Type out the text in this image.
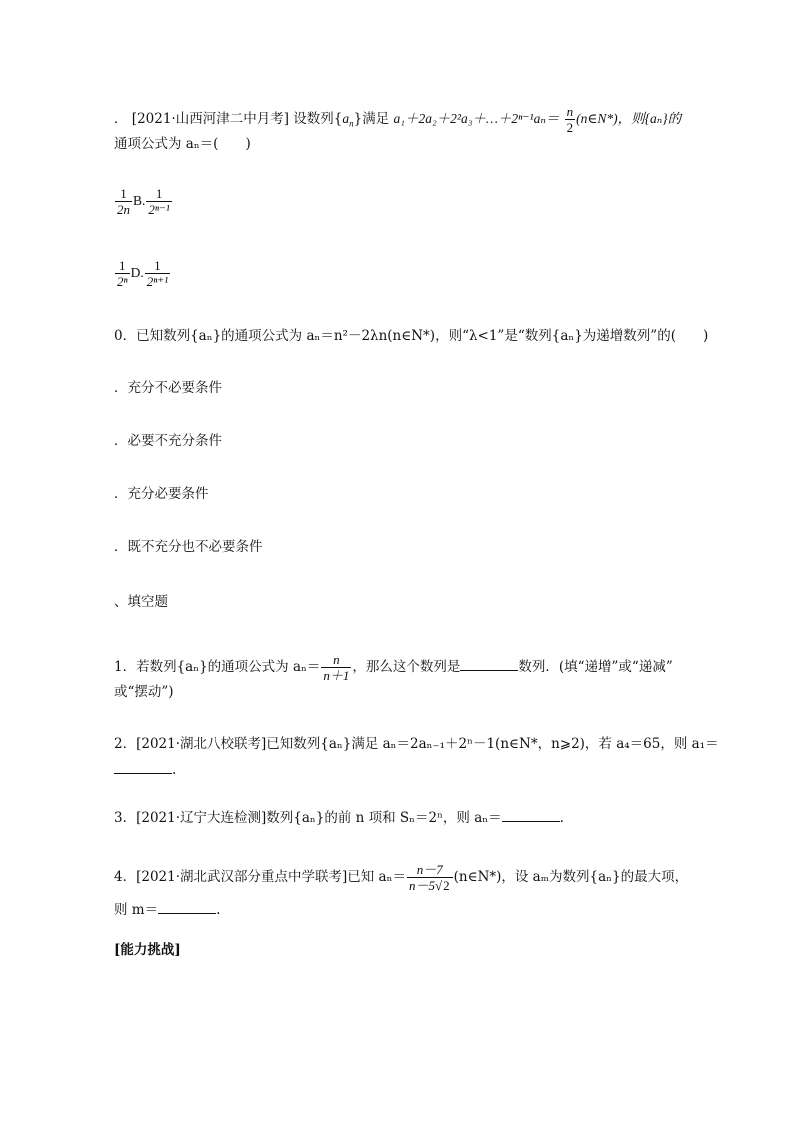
． [2021·山西河津二中月考] 设数列$\{a_n\}$满足 a₁＋2a₂＋2²a₃＋…＋2ⁿ⁻¹aₙ＝ $\frac{n}{2}$ (n∈N*)，则{aₙ}的
通项公式为 aₙ＝(　　)
$\frac{1}{2n} B$. $\frac{1}{\text{2ⁿ⁻¹}}$
$\frac{1}{\text{2ⁿ}} D$. $\frac{1}{\text{2ⁿ⁺¹}}$
0．已知数列{aₙ}的通项公式为 aₙ＝n²－2λn(n∈N*)，则“λ<1”是“数列{aₙ}为递增数列”的(　　)
．充分不必要条件
．必要不充分条件
．充分必要条件
．既不充分也不必要条件
、填空题
1．若数列{aₙ}的通项公式为 $a_n= \frac{n}{n+1}$ ，那么这个数列是	数列．(填“递增”或“递减”
或“摆动”)
2．[2021·湖北八校联考]已知数列{aₙ}满足 aₙ＝2aₙ₋₁＋2ⁿ－1(n∈N*，n⩾2)，若 a₄＝65，则 a₁＝
.
3．[2021·辽宁大连检测]数列{aₙ}的前 n 项和 Sₙ＝2ⁿ，则 aₙ＝	.
4．[2021·湖北武汉部分重点中学联考]已知 $a_n= \frac{n-7}{n-5√2}$ (n∈N*)，设 aₘ为数列{aₙ}的最大项，
则 m＝	.
[能力挑战]
